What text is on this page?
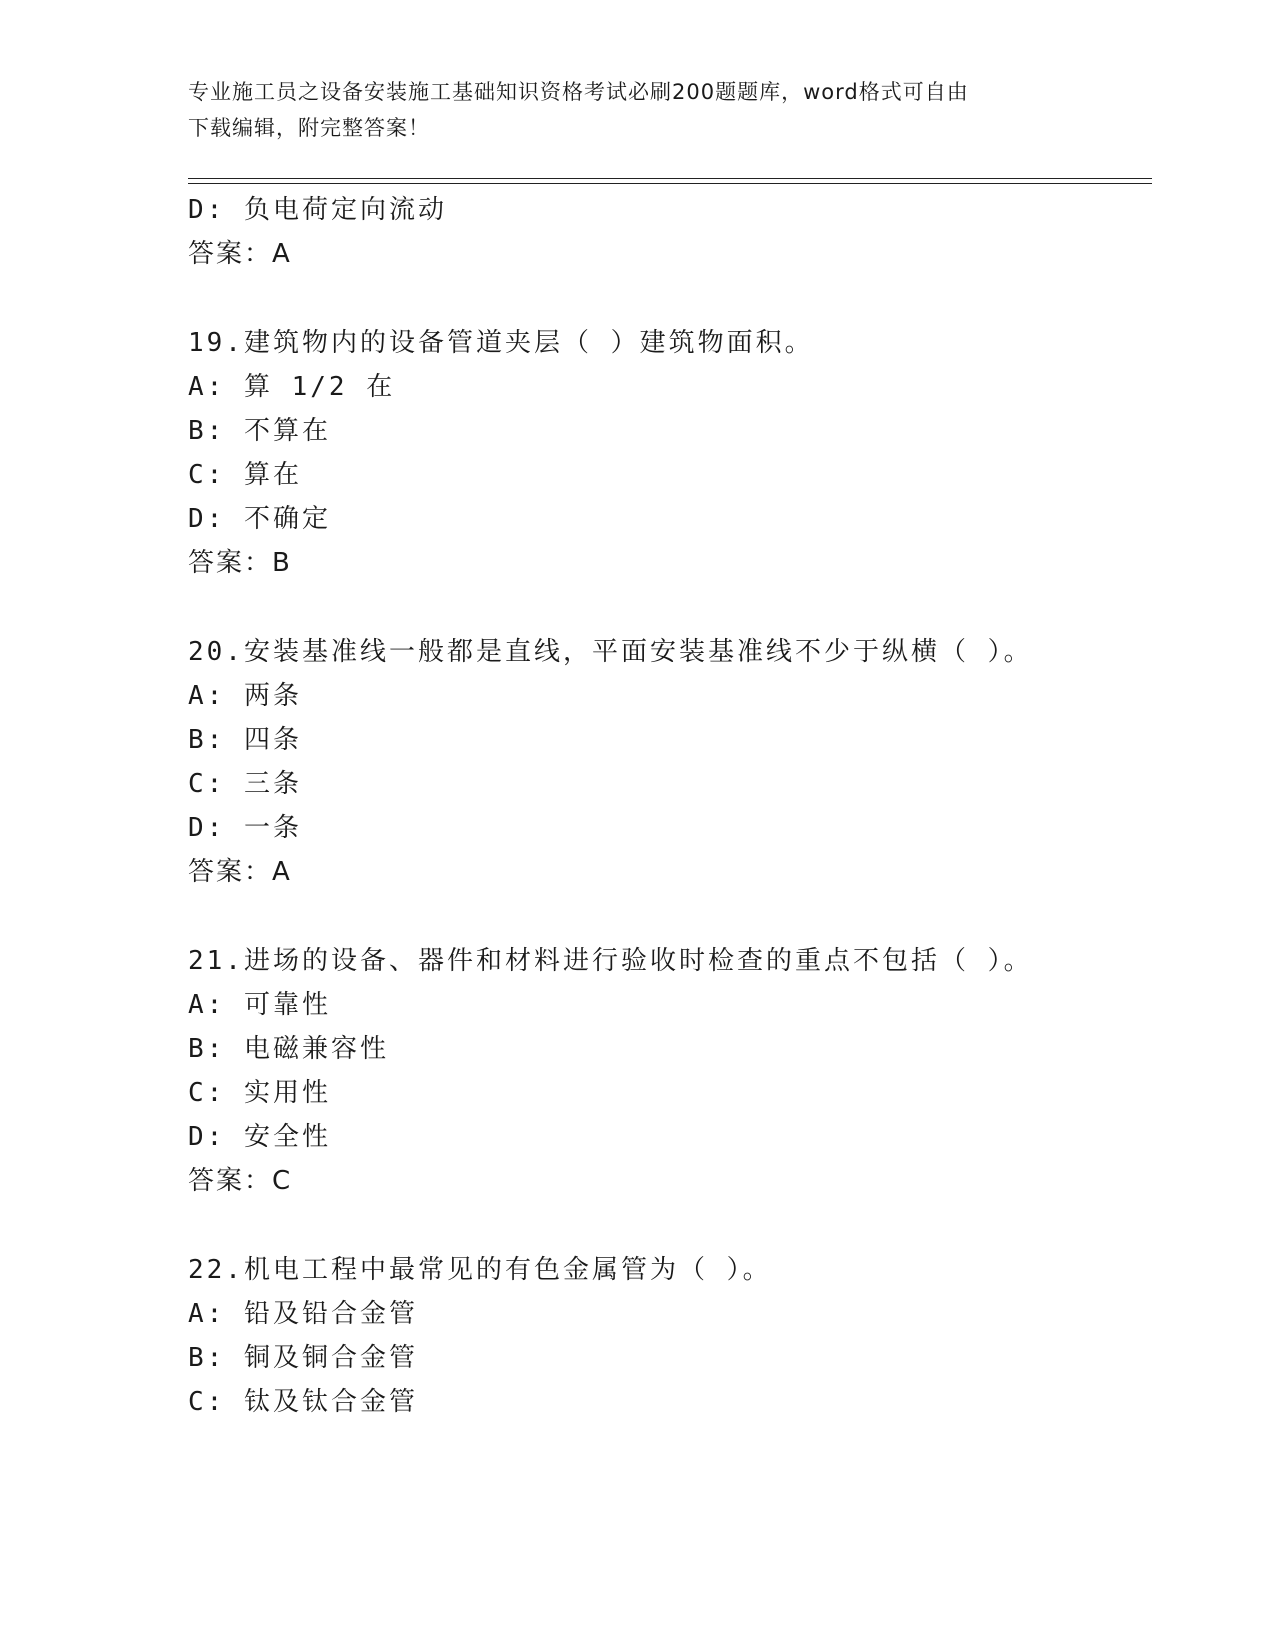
专业施工员之设备安装施工基础知识资格考试必刷200题题库，word格式可自由
下载编辑，附完整答案！
D: 负电荷定向流动
答案：A
19.建筑物内的设备管道夹层（ ）建筑物面积。
A: 算 1/2 在
B: 不算在
C: 算在
D: 不确定
答案：B
20.安装基准线一般都是直线，平面安装基准线不少于纵横（ ）。
A: 两条
B: 四条
C: 三条
D: 一条
答案：A
21.进场的设备、器件和材料进行验收时检查的重点不包括（ ）。
A: 可靠性
B: 电磁兼容性
C: 实用性
D: 安全性
答案：C
22.机电工程中最常见的有色金属管为（ ）。
A: 铅及铅合金管
B: 铜及铜合金管
C: 钛及钛合金管
